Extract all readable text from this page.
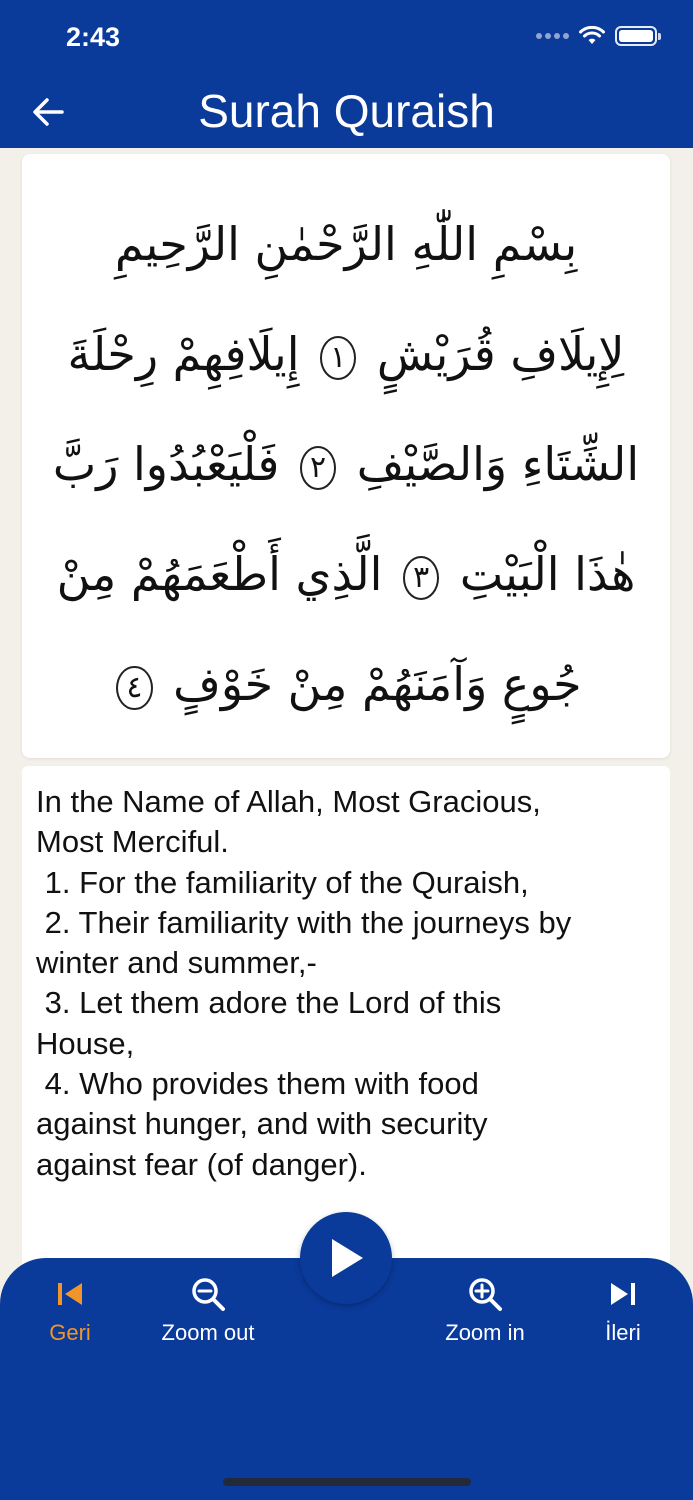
2:43
Surah Quraish
بِسْمِ اللّٰهِ الرَّحْمٰنِ الرَّحِيمِ
لِإِيلَافِ قُرَيْشٍ ١ إِيلَافِهِمْ رِحْلَةَ
الشِّتَاءِ وَالصَّيْفِ ٢ فَلْيَعْبُدُوا رَبَّ
هٰذَا الْبَيْتِ ٣ الَّذِي أَطْعَمَهُمْ مِنْ
جُوعٍ وَآمَنَهُمْ مِنْ خَوْفٍ ٤
In the Name of Allah, Most Gracious,
Most Merciful.
1. For the familiarity of the Quraish,
2. Their familiarity with the journeys by
winter and summer,-
3. Let them adore the Lord of this
House,
4. Who provides them with food
against hunger, and with security
against fear (of danger).
Geri	Zoom out	Zoom in	İleri
